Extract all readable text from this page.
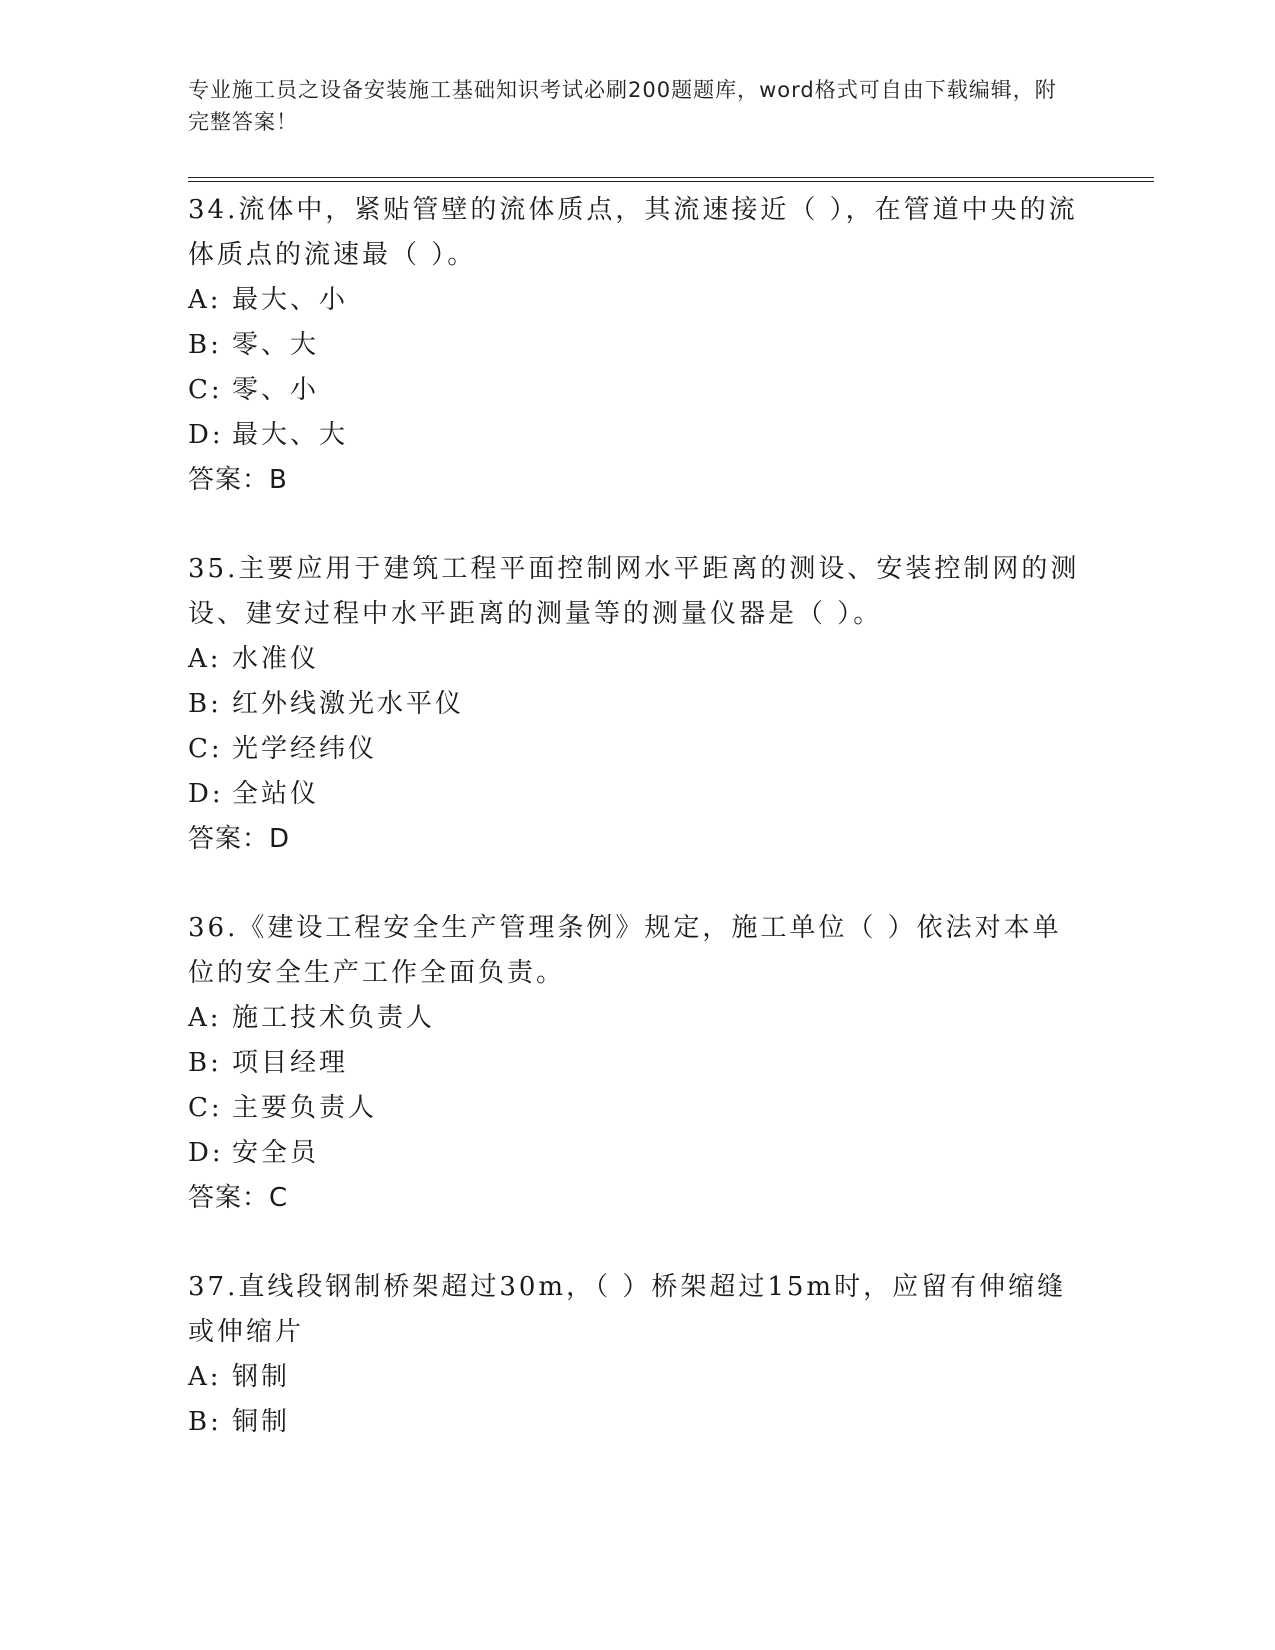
专业施工员之设备安装施工基础知识考试必刷200题题库，word格式可自由下载编辑，附完整答案！

34.流体中，紧贴管壁的流体质点，其流速接近（ ），在管道中央的流体质点的流速最（ ）。

A: 最大、小

B: 零、大

C: 零、小

D: 最大、大

答案：B

35.主要应用于建筑工程平面控制网水平距离的测设、安装控制网的测设、建安过程中水平距离的测量等的测量仪器是（ ）。

A: 水准仪

B: 红外线激光水平仪

C: 光学经纬仪

D: 全站仪

答案：D

36.《建设工程安全生产管理条例》规定，施工单位（ ）依法对本单位的安全生产工作全面负责。

A: 施工技术负责人

B: 项目经理

C: 主要负责人

D: 安全员

答案：C

37.直线段钢制桥架超过30m，（ ）桥架超过15m时，应留有伸缩缝或伸缩片

A: 钢制

B: 铜制
